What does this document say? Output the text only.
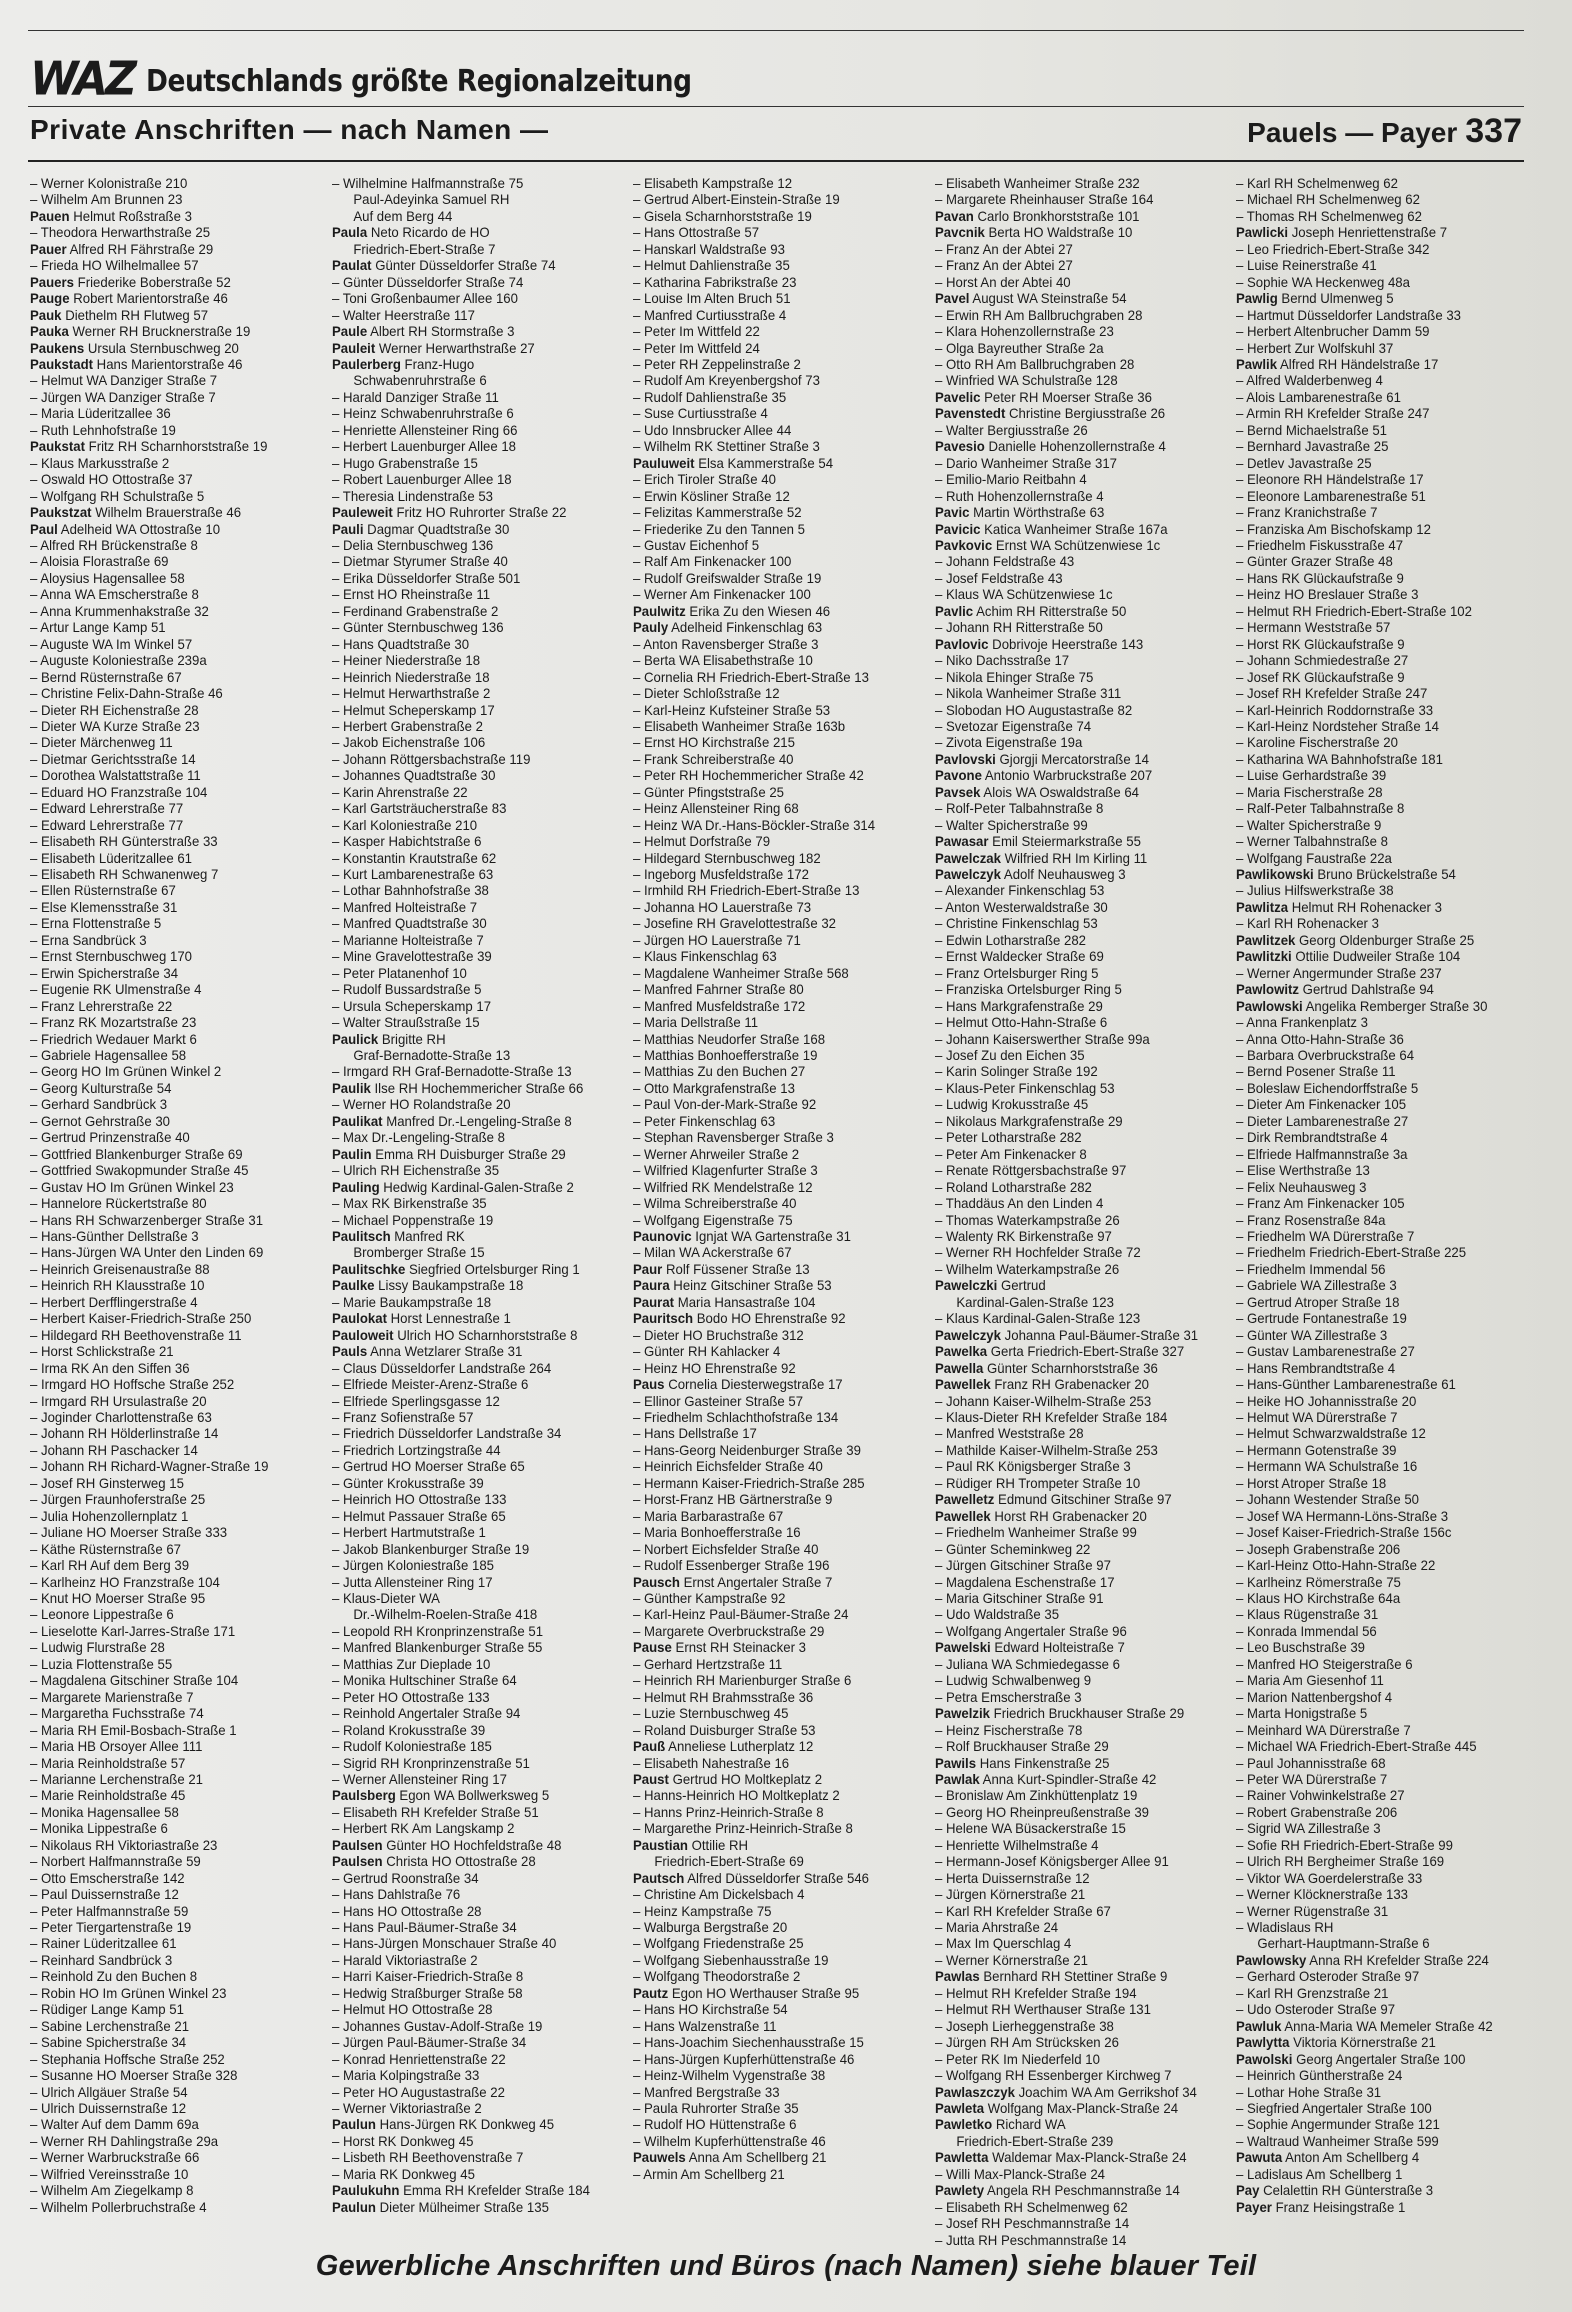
WAZ Deutschlands größte Regionalzeitung
Private Anschriften — nach Namen —	Pauels — Payer 337
– Werner Kolonistraße 210
– Wilhelm Am Brunnen 23
Pauen Helmut Roßstraße 3
– Theodora Herwarthstraße 25
Pauer Alfred RH Fährstraße 29
– Frieda HO Wilhelmallee 57
Pauers Friederike Boberstraße 52
Pauge Robert Marientorstraße 46
Pauk Diethelm RH Flutweg 57
Pauka Werner RH Brucknerstraße 19
Paukens Ursula Sternbuschweg 20
Paukstadt Hans Marientorstraße 46
– Helmut WA Danziger Straße 7
– Jürgen WA Danziger Straße 7
– Maria Lüderitzallee 36
– Ruth Lehnhofstraße 19
Paukstat Fritz RH Scharnhorststraße 19
– Klaus Markusstraße 2
– Oswald HO Ottostraße 37
– Wolfgang RH Schulstraße 5
Paukstzat Wilhelm Brauerstraße 46
Paul Adelheid WA Ottostraße 10
– Alfred RH Brückenstraße 8
– Aloisia Florastraße 69
– Aloysius Hagensallee 58
– Anna WA Emscherstraße 8
– Anna Krummenhakstraße 32
– Artur Lange Kamp 51
– Auguste WA Im Winkel 57
– Auguste Koloniestraße 239a
– Bernd Rüsternstraße 67
– Christine Felix-Dahn-Straße 46
– Dieter RH Eichenstraße 28
– Dieter WA Kurze Straße 23
– Dieter Märchenweg 11
– Dietmar Gerichtsstraße 14
– Dorothea Walstattstraße 11
– Eduard HO Franzstraße 104
– Edward Lehrerstraße 77
– Edward Lehrerstraße 77
– Elisabeth RH Günterstraße 33
– Elisabeth Lüderitzallee 61
– Elisabeth RH Schwanenweg 7
– Ellen Rüsternstraße 67
– Else Klemensstraße 31
– Erna Flottenstraße 5
– Erna Sandbrück 3
– Ernst Sternbuschweg 170
– Erwin Spicherstraße 34
– Eugenie RK Ulmenstraße 4
– Franz Lehrerstraße 22
– Franz RK Mozartstraße 23
– Friedrich Wedauer Markt 6
– Gabriele Hagensallee 58
– Georg HO Im Grünen Winkel 2
– Georg Kulturstraße 54
– Gerhard Sandbrück 3
– Gernot Gehrstraße 30
– Gertrud Prinzenstraße 40
– Gottfried Blankenburger Straße 69
– Gottfried Swakopmunder Straße 45
– Gustav HO Im Grünen Winkel 23
– Hannelore Rückertstraße 80
– Hans RH Schwarzenberger Straße 31
– Hans-Günther Dellstraße 3
– Hans-Jürgen WA Unter den Linden 69
– Heinrich Greisenaustraße 88
– Heinrich RH Klausstraße 10
– Herbert Derfflingerstraße 4
– Herbert Kaiser-Friedrich-Straße 250
– Hildegard RH Beethovenstraße 11
– Horst Schlickstraße 21
– Irma RK An den Siffen 36
– Irmgard HO Hoffsche Straße 252
– Irmgard RH Ursulastraße 20
– Joginder Charlottenstraße 63
– Johann RH Hölderlinstraße 14
– Johann RH Paschacker 14
– Johann RH Richard-Wagner-Straße 19
– Josef RH Ginsterweg 15
– Jürgen Fraunhoferstraße 25
– Julia Hohenzollernplatz 1
– Juliane HO Moerser Straße 333
– Käthe Rüsternstraße 67
– Karl RH Auf dem Berg 39
– Karlheinz HO Franzstraße 104
– Knut HO Moerser Straße 95
– Leonore Lippestraße 6
– Lieselotte Karl-Jarres-Straße 171
– Ludwig Flurstraße 28
– Luzia Flottenstraße 55
– Magdalena Gitschiner Straße 104
– Margarete Marienstraße 7
– Margaretha Fuchsstraße 74
– Maria RH Emil-Bosbach-Straße 1
– Maria HB Orsoyer Allee 111
– Maria Reinholdstraße 57
– Marianne Lerchenstraße 21
– Marie Reinholdstraße 45
– Monika Hagensallee 58
– Monika Lippestraße 6
– Nikolaus RH Viktoriastraße 23
– Norbert Halfmannstraße 59
– Otto Emscherstraße 142
– Paul Duissernstraße 12
– Peter Halfmannstraße 59
– Peter Tiergartenstraße 19
– Rainer Lüderitzallee 61
– Reinhard Sandbrück 3
– Reinhold Zu den Buchen 8
– Robin HO Im Grünen Winkel 23
– Rüdiger Lange Kamp 51
– Sabine Lerchenstraße 21
– Sabine Spicherstraße 34
– Stephania Hoffsche Straße 252
– Susanne HO Moerser Straße 328
– Ulrich Allgäuer Straße 54
– Ulrich Duissernstraße 12
– Walter Auf dem Damm 69a
– Werner RH Dahlingstraße 29a
– Werner Warbruckstraße 66
– Wilfried Vereinsstraße 10
– Wilhelm Am Ziegelkamp 8
– Wilhelm Pollerbruchstraße 4
– Wilhelmine Halfmannstraße 75
Paul-Adeyinka Samuel RH
Auf dem Berg 44
Paula Neto Ricardo de HO
Friedrich-Ebert-Straße 7
Paulat Günter Düsseldorfer Straße 74
– Günter Düsseldorfer Straße 74
– Toni Großenbaumer Allee 160
– Walter Heerstraße 117
Paule Albert RH Stormstraße 3
Pauleit Werner Herwarthstraße 27
Paulerberg Franz-Hugo
Schwabenruhrstraße 6
– Harald Danziger Straße 11
– Heinz Schwabenruhrstraße 6
– Henriette Allensteiner Ring 66
– Herbert Lauenburger Allee 18
– Hugo Grabenstraße 15
– Robert Lauenburger Allee 18
– Theresia Lindenstraße 53
Pauleweit Fritz HO Ruhrorter Straße 22
Pauli Dagmar Quadtstraße 30
– Delia Sternbuschweg 136
– Dietmar Styrumer Straße 40
– Erika Düsseldorfer Straße 501
– Ernst HO Rheinstraße 11
– Ferdinand Grabenstraße 2
– Günter Sternbuschweg 136
– Hans Quadtstraße 30
– Heiner Niederstraße 18
– Heinrich Niederstraße 18
– Helmut Herwarthstraße 2
– Helmut Scheperskamp 17
– Herbert Grabenstraße 2
– Jakob Eichenstraße 106
– Johann Röttgersbachstraße 119
– Johannes Quadtstraße 30
– Karin Ahrenstraße 22
– Karl Gartsträucherstraße 83
– Karl Koloniestraße 210
– Kasper Habichtstraße 6
– Konstantin Krautstraße 62
– Kurt Lambarenestraße 63
– Lothar Bahnhofstraße 38
– Manfred Holteistraße 7
– Manfred Quadtstraße 30
– Marianne Holteistraße 7
– Mine Gravelottestraße 39
– Peter Platanenhof 10
– Rudolf Bussardstraße 5
– Ursula Scheperskamp 17
– Walter Straußstraße 15
Paulick Brigitte RH
Graf-Bernadotte-Straße 13
– Irmgard RH Graf-Bernadotte-Straße 13
Paulik Ilse RH Hochemmericher Straße 66
– Werner HO Rolandstraße 20
Paulikat Manfred Dr.-Lengeling-Straße 8
– Max Dr.-Lengeling-Straße 8
Paulin Emma RH Duisburger Straße 29
– Ulrich RH Eichenstraße 35
Pauling Hedwig Kardinal-Galen-Straße 2
– Max RK Birkenstraße 35
– Michael Poppenstraße 19
Paulitsch Manfred RK
Bromberger Straße 15
Paulitschke Siegfried Ortelsburger Ring 1
Paulke Lissy Baukampstraße 18
– Marie Baukampstraße 18
Paulokat Horst Lennestraße 1
Pauloweit Ulrich HO Scharnhorststraße 8
Pauls Anna Wetzlarer Straße 31
– Claus Düsseldorfer Landstraße 264
– Elfriede Meister-Arenz-Straße 6
– Elfriede Sperlingsgasse 12
– Franz Sofienstraße 57
– Friedrich Düsseldorfer Landstraße 34
– Friedrich Lortzingstraße 44
– Gertrud HO Moerser Straße 65
– Günter Krokusstraße 39
– Heinrich HO Ottostraße 133
– Helmut Passauer Straße 65
– Herbert Hartmutstraße 1
– Jakob Blankenburger Straße 19
– Jürgen Koloniestraße 185
– Jutta Allensteiner Ring 17
– Klaus-Dieter WA
Dr.-Wilhelm-Roelen-Straße 418
– Leopold RH Kronprinzenstraße 51
– Manfred Blankenburger Straße 55
– Matthias Zur Dieplade 10
– Monika Hultschiner Straße 64
– Peter HO Ottostraße 133
– Reinhold Angertaler Straße 94
– Roland Krokusstraße 39
– Rudolf Koloniestraße 185
– Sigrid RH Kronprinzenstraße 51
– Werner Allensteiner Ring 17
Paulsberg Egon WA Bollwerksweg 5
– Elisabeth RH Krefelder Straße 51
– Herbert RK Am Langskamp 2
Paulsen Günter HO Hochfeldstraße 48
Paulsen Christa HO Ottostraße 28
– Gertrud Roonstraße 34
– Hans Dahlstraße 76
– Hans HO Ottostraße 28
– Hans Paul-Bäumer-Straße 34
– Hans-Jürgen Monschauer Straße 40
– Harald Viktoriastraße 2
– Harri Kaiser-Friedrich-Straße 8
– Hedwig Straßburger Straße 58
– Helmut HO Ottostraße 28
– Johannes Gustav-Adolf-Straße 19
– Jürgen Paul-Bäumer-Straße 34
– Konrad Henriettenstraße 22
– Maria Kolpingstraße 33
– Peter HO Augustastraße 22
– Werner Viktoriastraße 2
Paulun Hans-Jürgen RK Donkweg 45
– Horst RK Donkweg 45
– Lisbeth RH Beethovenstraße 7
– Maria RK Donkweg 45
Paulukuhn Emma RH Krefelder Straße 184
Paulun Dieter Mülheimer Straße 135
– Elisabeth Kampstraße 12
– Gertrud Albert-Einstein-Straße 19
– Gisela Scharnhorststraße 19
– Hans Ottostraße 57
– Hanskarl Waldstraße 93
– Helmut Dahlienstraße 35
– Katharina Fabrikstraße 23
– Louise Im Alten Bruch 51
– Manfred Curtiusstraße 4
– Peter Im Wittfeld 22
– Peter Im Wittfeld 24
– Peter RH Zeppelinstraße 2
– Rudolf Am Kreyenbergshof 73
– Rudolf Dahlienstraße 35
– Suse Curtiusstraße 4
– Udo Innsbrucker Allee 44
– Wilhelm RK Stettiner Straße 3
Pauluweit Elsa Kammerstraße 54
– Erich Tiroler Straße 40
– Erwin Kösliner Straße 12
– Felizitas Kammerstraße 52
– Friederike Zu den Tannen 5
– Gustav Eichenhof 5
– Ralf Am Finkenacker 100
– Rudolf Greifswalder Straße 19
– Werner Am Finkenacker 100
Paulwitz Erika Zu den Wiesen 46
Pauly Adelheid Finkenschlag 63
– Anton Ravensberger Straße 3
– Berta WA Elisabethstraße 10
– Cornelia RH Friedrich-Ebert-Straße 13
– Dieter Schloßstraße 12
– Karl-Heinz Kufsteiner Straße 53
– Elisabeth Wanheimer Straße 163b
– Ernst HO Kirchstraße 215
– Frank Schreiberstraße 40
– Peter RH Hochemmericher Straße 42
– Günter Pfingststraße 25
– Heinz Allensteiner Ring 68
– Heinz WA Dr.-Hans-Böckler-Straße 314
– Helmut Dorfstraße 79
– Hildegard Sternbuschweg 182
– Ingeborg Musfeldstraße 172
– Irmhild RH Friedrich-Ebert-Straße 13
– Johanna HO Lauerstraße 73
– Josefine RH Gravelottestraße 32
– Jürgen HO Lauerstraße 71
– Klaus Finkenschlag 63
– Magdalene Wanheimer Straße 568
– Manfred Fahrner Straße 80
– Manfred Musfeldstraße 172
– Maria Dellstraße 11
– Matthias Neudorfer Straße 168
– Matthias Bonhoefferstraße 19
– Matthias Zu den Buchen 27
– Otto Markgrafenstraße 13
– Paul Von-der-Mark-Straße 92
– Peter Finkenschlag 63
– Stephan Ravensberger Straße 3
– Werner Ahrweiler Straße 2
– Wilfried Klagenfurter Straße 3
– Wilfried RK Mendelstraße 12
– Wilma Schreiberstraße 40
– Wolfgang Eigenstraße 75
Paunovic Ignjat WA Gartenstraße 31
– Milan WA Ackerstraße 67
Paur Rolf Füssener Straße 13
Paura Heinz Gitschiner Straße 53
Paurat Maria Hansastraße 104
Pauritsch Bodo HO Ehrenstraße 92
– Dieter HO Bruchstraße 312
– Günter RH Kahlacker 4
– Heinz HO Ehrenstraße 92
Paus Cornelia Diesterwegstraße 17
– Ellinor Gasteiner Straße 57
– Friedhelm Schlachthofstraße 134
– Hans Dellstraße 17
– Hans-Georg Neidenburger Straße 39
– Heinrich Eichsfelder Straße 40
– Hermann Kaiser-Friedrich-Straße 285
– Horst-Franz HB Gärtnerstraße 9
– Maria Barbarastraße 67
– Maria Bonhoefferstraße 16
– Norbert Eichsfelder Straße 40
– Rudolf Essenberger Straße 196
Pausch Ernst Angertaler Straße 7
– Günther Kampstraße 92
– Karl-Heinz Paul-Bäumer-Straße 24
– Margarete Overbruckstraße 29
Pause Ernst RH Steinacker 3
– Gerhard Hertzstraße 11
– Heinrich RH Marienburger Straße 6
– Helmut RH Brahmsstraße 36
– Luzie Sternbuschweg 45
– Roland Duisburger Straße 53
Pauß Anneliese Lutherplatz 12
– Elisabeth Nahestraße 16
Paust Gertrud HO Moltkeplatz 2
– Hanns-Heinrich HO Moltkeplatz 2
– Hanns Prinz-Heinrich-Straße 8
– Margarethe Prinz-Heinrich-Straße 8
Paustian Ottilie RH
Friedrich-Ebert-Straße 69
Pautsch Alfred Düsseldorfer Straße 546
– Christine Am Dickelsbach 4
– Heinz Kampstraße 75
– Walburga Bergstraße 20
– Wolfgang Friedenstraße 25
– Wolfgang Siebenhausstraße 19
– Wolfgang Theodorstraße 2
Pautz Egon HO Werthauser Straße 95
– Hans HO Kirchstraße 54
– Hans Walzenstraße 11
– Hans-Joachim Siechenhausstraße 15
– Hans-Jürgen Kupferhüttenstraße 46
– Heinz-Wilhelm Vygenstraße 38
– Manfred Bergstraße 33
– Paula Ruhrorter Straße 35
– Rudolf HO Hüttenstraße 6
– Wilhelm Kupferhüttenstraße 46
Pauwels Anna Am Schellberg 21
– Armin Am Schellberg 21
– Elisabeth Wanheimer Straße 232
– Margarete Rheinhauser Straße 164
Pavan Carlo Bronkhorststraße 101
Pavcnik Berta HO Waldstraße 10
– Franz An der Abtei 27
– Franz An der Abtei 27
– Horst An der Abtei 40
Pavel August WA Steinstraße 54
– Erwin RH Am Ballbruchgraben 28
– Klara Hohenzollernstraße 23
– Olga Bayreuther Straße 2a
– Otto RH Am Ballbruchgraben 28
– Winfried WA Schulstraße 128
Pavelic Peter RH Moerser Straße 36
Pavenstedt Christine Bergiusstraße 26
– Walter Bergiusstraße 26
Pavesio Danielle Hohenzollernstraße 4
– Dario Wanheimer Straße 317
– Emilio-Mario Reitbahn 4
– Ruth Hohenzollernstraße 4
Pavic Martin Wörthstraße 63
Pavicic Katica Wanheimer Straße 167a
Pavkovic Ernst WA Schützenwiese 1c
– Johann Feldstraße 43
– Josef Feldstraße 43
– Klaus WA Schützenwiese 1c
Pavlic Achim RH Ritterstraße 50
– Johann RH Ritterstraße 50
Pavlovic Dobrivoje Heerstraße 143
– Niko Dachsstraße 17
– Nikola Ehinger Straße 75
– Nikola Wanheimer Straße 311
– Slobodan HO Augustastraße 82
– Svetozar Eigenstraße 74
– Zivota Eigenstraße 19a
Pavlovski Gjorgji Mercatorstraße 14
Pavone Antonio Warbruckstraße 207
Pavsek Alois WA Oswaldstraße 64
– Rolf-Peter Talbahnstraße 8
– Walter Spicherstraße 99
Pawasar Emil Steiermarkstraße 55
Pawelczak Wilfried RH Im Kirling 11
Pawelczyk Adolf Neuhausweg 3
– Alexander Finkenschlag 53
– Anton Westerwaldstraße 30
– Christine Finkenschlag 53
– Edwin Lotharstraße 282
– Ernst Waldecker Straße 69
– Franz Ortelsburger Ring 5
– Franziska Ortelsburger Ring 5
– Hans Markgrafenstraße 29
– Helmut Otto-Hahn-Straße 6
– Johann Kaiserswerther Straße 99a
– Josef Zu den Eichen 35
– Karin Solinger Straße 192
– Klaus-Peter Finkenschlag 53
– Ludwig Krokusstraße 45
– Nikolaus Markgrafenstraße 29
– Peter Lotharstraße 282
– Peter Am Finkenacker 8
– Renate Röttgersbachstraße 97
– Roland Lotharstraße 282
– Thaddäus An den Linden 4
– Thomas Waterkampstraße 26
– Walenty RK Birkenstraße 97
– Werner RH Hochfelder Straße 72
– Wilhelm Waterkampstraße 26
Pawelczki Gertrud
Kardinal-Galen-Straße 123
– Klaus Kardinal-Galen-Straße 123
Pawelczyk Johanna Paul-Bäumer-Straße 31
Pawelka Gerta Friedrich-Ebert-Straße 327
Pawella Günter Scharnhorststraße 36
Pawellek Franz RH Grabenacker 20
– Johann Kaiser-Wilhelm-Straße 253
– Klaus-Dieter RH Krefelder Straße 184
– Manfred Weststraße 28
– Mathilde Kaiser-Wilhelm-Straße 253
– Paul RK Königsberger Straße 3
– Rüdiger RH Trompeter Straße 10
Pawelletz Edmund Gitschiner Straße 97
Pawellek Horst RH Grabenacker 20
– Friedhelm Wanheimer Straße 99
– Günter Scheminkweg 22
– Jürgen Gitschiner Straße 97
– Magdalena Eschenstraße 17
– Maria Gitschiner Straße 91
– Udo Waldstraße 35
– Wolfgang Angertaler Straße 96
Pawelski Edward Holteistraße 7
– Juliana WA Schmiedegasse 6
– Ludwig Schwalbenweg 9
– Petra Emscherstraße 3
Pawelzik Friedrich Bruckhauser Straße 29
– Heinz Fischerstraße 78
– Rolf Bruckhauser Straße 29
Pawils Hans Finkenstraße 25
Pawlak Anna Kurt-Spindler-Straße 42
– Bronislaw Am Zinkhüttenplatz 19
– Georg HO Rheinpreußenstraße 39
– Helene WA Büsackerstraße 15
– Henriette Wilhelmstraße 4
– Hermann-Josef Königsberger Allee 91
– Herta Duissernstraße 12
– Jürgen Körnerstraße 21
– Karl RH Krefelder Straße 67
– Maria Ahrstraße 24
– Max Im Querschlag 4
– Werner Körnerstraße 21
Pawlas Bernhard RH Stettiner Straße 9
– Helmut RH Krefelder Straße 194
– Helmut RH Werthauser Straße 131
– Joseph Lierheggenstraße 38
– Jürgen RH Am Strücksken 26
– Peter RK Im Niederfeld 10
– Wolfgang RH Essenberger Kirchweg 7
Pawlaszczyk Joachim WA Am Gerrikshof 34
Pawleta Wolfgang Max-Planck-Straße 24
Pawletko Richard WA
Friedrich-Ebert-Straße 239
Pawletta Waldemar Max-Planck-Straße 24
– Willi Max-Planck-Straße 24
Pawlety Angela RH Peschmannstraße 14
– Elisabeth RH Schelmenweg 62
– Josef RH Peschmannstraße 14
– Jutta RH Peschmannstraße 14
– Karl RH Schelmenweg 62
– Michael RH Schelmenweg 62
– Thomas RH Schelmenweg 62
Pawlicki Joseph Henriettenstraße 7
– Leo Friedrich-Ebert-Straße 342
– Luise Reinerstraße 41
– Sophie WA Heckenweg 48a
Pawlig Bernd Ulmenweg 5
– Hartmut Düsseldorfer Landstraße 33
– Herbert Altenbrucher Damm 59
– Herbert Zur Wolfskuhl 37
Pawlik Alfred RH Händelstraße 17
– Alfred Walderbenweg 4
– Alois Lambarenestraße 61
– Armin RH Krefelder Straße 247
– Bernd Michaelstraße 51
– Bernhard Javastraße 25
– Detlev Javastraße 25
– Eleonore RH Händelstraße 17
– Eleonore Lambarenestraße 51
– Franz Kranichstraße 7
– Franziska Am Bischofskamp 12
– Friedhelm Fiskusstraße 47
– Günter Grazer Straße 48
– Hans RK Glückaufstraße 9
– Heinz HO Breslauer Straße 3
– Helmut RH Friedrich-Ebert-Straße 102
– Hermann Weststraße 57
– Horst RK Glückaufstraße 9
– Johann Schmiedestraße 27
– Josef RK Glückaufstraße 9
– Josef RH Krefelder Straße 247
– Karl-Heinrich Roddornstraße 33
– Karl-Heinz Nordsteher Straße 14
– Karoline Fischerstraße 20
– Katharina WA Bahnhofstraße 181
– Luise Gerhardstraße 39
– Maria Fischerstraße 28
– Ralf-Peter Talbahnstraße 8
– Walter Spicherstraße 9
– Werner Talbahnstraße 8
– Wolfgang Faustraße 22a
Pawlikowski Bruno Brückelstraße 54
– Julius Hilfswerkstraße 38
Pawlitza Helmut RH Rohenacker 3
– Karl RH Rohenacker 3
Pawlitzek Georg Oldenburger Straße 25
Pawlitzki Ottilie Dudweiler Straße 104
– Werner Angermunder Straße 237
Pawlowitz Gertrud Dahlstraße 94
Pawlowski Angelika Remberger Straße 30
– Anna Frankenplatz 3
– Anna Otto-Hahn-Straße 36
– Barbara Overbruckstraße 64
– Bernd Posener Straße 11
– Boleslaw Eichendorffstraße 5
– Dieter Am Finkenacker 105
– Dieter Lambarenestraße 27
– Dirk Rembrandtstraße 4
– Elfriede Halfmannstraße 3a
– Elise Werthstraße 13
– Felix Neuhausweg 3
– Franz Am Finkenacker 105
– Franz Rosenstraße 84a
– Friedhelm WA Dürerstraße 7
– Friedhelm Friedrich-Ebert-Straße 225
– Friedhelm Immendal 56
– Gabriele WA Zillestraße 3
– Gertrud Atroper Straße 18
– Gertrude Fontanestraße 19
– Günter WA Zillestraße 3
– Gustav Lambarenestraße 27
– Hans Rembrandtstraße 4
– Hans-Günther Lambarenestraße 61
– Heike HO Johannisstraße 20
– Helmut WA Dürerstraße 7
– Helmut Schwarzwaldstraße 12
– Hermann Gotenstraße 39
– Hermann WA Schulstraße 16
– Horst Atroper Straße 18
– Johann Westender Straße 50
– Josef WA Hermann-Löns-Straße 3
– Josef Kaiser-Friedrich-Straße 156c
– Joseph Grabenstraße 206
– Karl-Heinz Otto-Hahn-Straße 22
– Karlheinz Römerstraße 75
– Klaus HO Kirchstraße 64a
– Klaus Rügenstraße 31
– Konrada Immendal 56
– Leo Buschstraße 39
– Manfred HO Steigerstraße 6
– Maria Am Giesenhof 11
– Marion Nattenbergshof 4
– Marta Honigstraße 5
– Meinhard WA Dürerstraße 7
– Michael WA Friedrich-Ebert-Straße 445
– Paul Johannisstraße 68
– Peter WA Dürerstraße 7
– Rainer Vohwinkelstraße 27
– Robert Grabenstraße 206
– Sigrid WA Zillestraße 3
– Sofie RH Friedrich-Ebert-Straße 99
– Ulrich RH Bergheimer Straße 169
– Viktor WA Goerdelerstraße 33
– Werner Klöcknerstraße 133
– Werner Rügenstraße 31
– Wladislaus RH
Gerhart-Hauptmann-Straße 6
Pawlowsky Anna RH Krefelder Straße 224
– Gerhard Osteroder Straße 97
– Karl RH Grenzstraße 21
– Udo Osteroder Straße 97
Pawluk Anna-Maria WA Memeler Straße 42
Pawlytta Viktoria Körnerstraße 21
Pawolski Georg Angertaler Straße 100
– Heinrich Güntherstraße 24
– Lothar Hohe Straße 31
– Siegfried Angertaler Straße 100
– Sophie Angermunder Straße 121
– Waltraud Wanheimer Straße 599
Pawuta Anton Am Schellberg 4
– Ladislaus Am Schellberg 1
Pay Celalettin RH Günterstraße 3
Payer Franz Heisingstraße 1
Gewerbliche Anschriften und Büros (nach Namen) siehe blauer Teil
